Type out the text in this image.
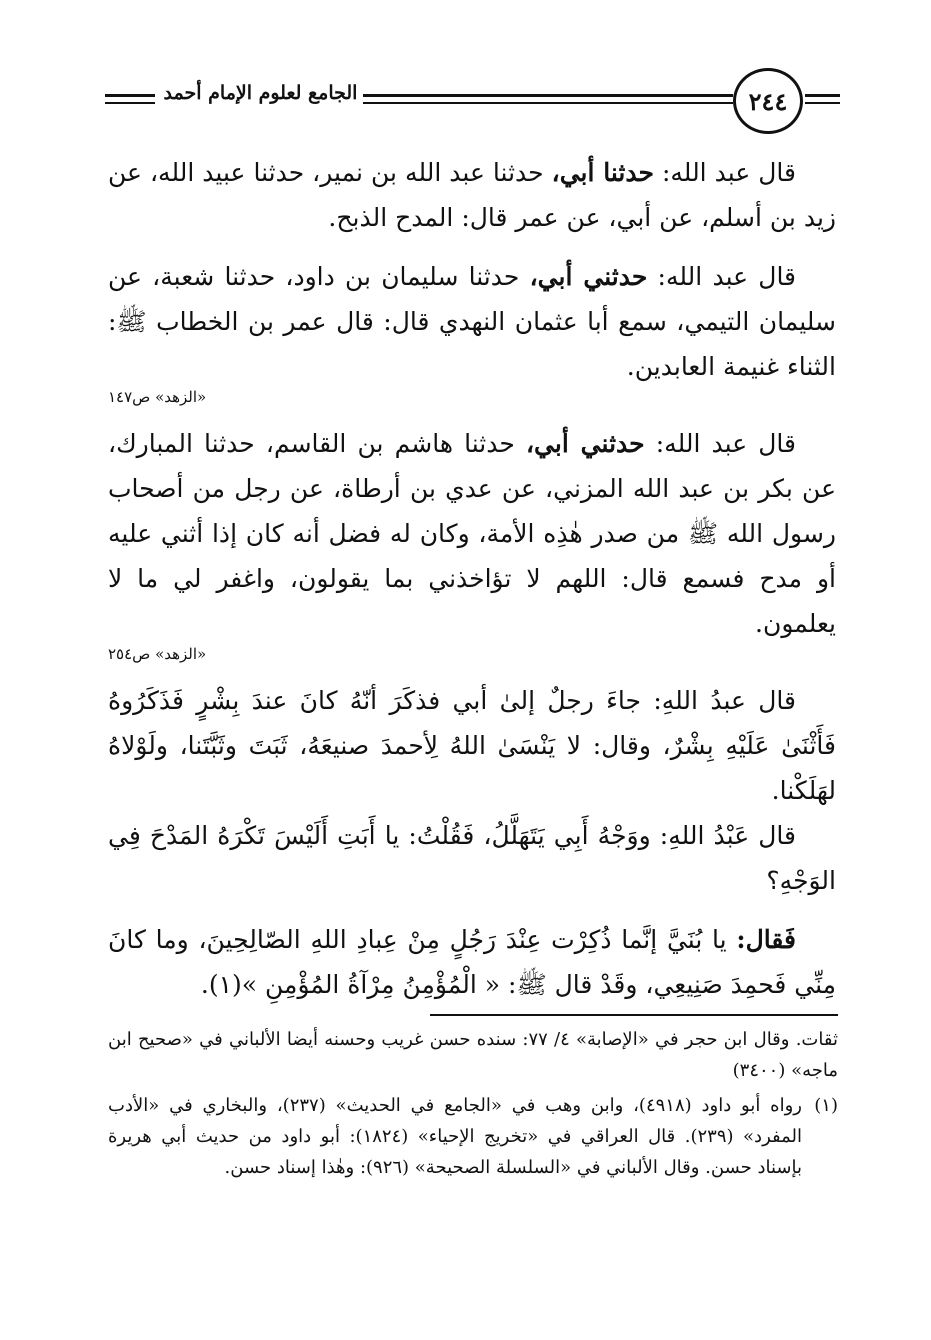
الجامع لعلوم الإمام أحمد	٢٤٤

قال عبد الله: حدثنا أبي، حدثنا عبد الله بن نمير، حدثنا عبيد الله، عن زيد بن أسلم، عن أبي، عن عمر قال: المدح الذبح.

قال عبد الله: حدثني أبي، حدثنا سليمان بن داود، حدثنا شعبة، عن سليمان التيمي، سمع أبا عثمان النهدي قال: قال عمر بن الخطاب ﷺ: الثناء غنيمة العابدين.

«الزهد» ص١٤٧

قال عبد الله: حدثني أبي، حدثنا هاشم بن القاسم، حدثنا المبارك، عن بكر بن عبد الله المزني، عن عدي بن أرطاة، عن رجل من أصحاب رسول الله ﷺ من صدر هٰذِه الأمة، وكان له فضل أنه كان إذا أثني عليه أو مدح فسمع قال: اللهم لا تؤاخذني بما يقولون، واغفر لي ما لا يعلمون.

«الزهد» ص٢٥٤

قال عبدُ اللهِ: جاءَ رجلٌ إلىٰ أبي فذكَرَ أنّهُ كانَ عندَ بِشْرٍ فَذَكَرُوهُ فَأَثْنَىٰ عَلَيْهِ بِشْرٌ، وقال: لا يَنْسَىٰ اللهُ لِأحمدَ صنيعَهُ، ثَبَتَ وثَبَّتَنا، ولَوْلاهُ لهَلَكْنا.

قال عَبْدُ اللهِ: ووَجْهُ أَبِي يَتَهَلَّلُ، فَقُلْتُ: يا أَبَتِ أَلَيْسَ تَكْرَهُ المَدْحَ فِي الوَجْهِ؟

فَقال: يا بُنَيَّ إنَّما ذُكِرْت عِنْدَ رَجُلٍ مِنْ عِبادِ اللهِ الصّالِحِينَ، وما كانَ مِنِّي فَحمِدَ صَنِيعِي، وقَدْ قال ﷺ: « الْمُؤْمِنُ مِرْآةُ المُؤْمِنِ »(١).

ثقات. وقال ابن حجر في «الإصابة» ٤/ ٧٧: سنده حسن غريب وحسنه أيضا الألباني في «صحيح ابن ماجه» (٣٤٠٠)

(١)
رواه أبو داود (٤٩١٨)، وابن وهب في «الجامع في الحديث» (٢٣٧)، والبخاري في «الأدب المفرد» (٢٣٩). قال العراقي في «تخريج الإحياء» (١٨٢٤): أبو داود من حديث أبي هريرة بإسناد حسن. وقال الألباني في «السلسلة الصحيحة» (٩٢٦): وهٰذا إسناد حسن.
